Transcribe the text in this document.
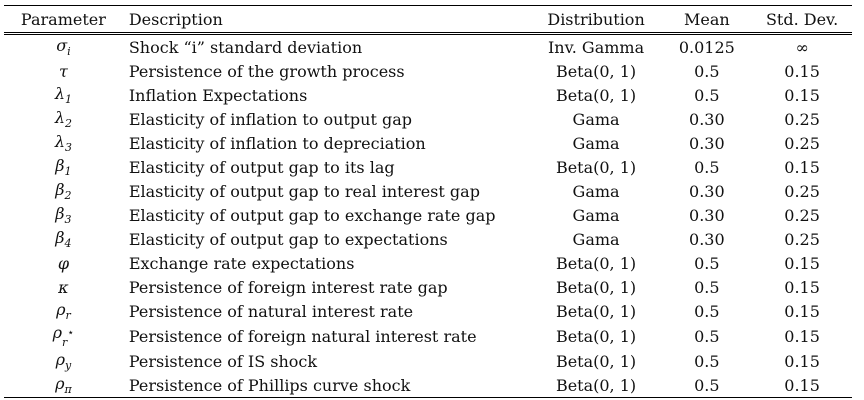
Parameter	Description	Distribution	Mean	Std. Dev.
$\sigma_i$	Shock “i” standard deviation	Inv. Gamma	0.0125	∞
τ	Persistence of the growth process	Beta(0, 1)	0.5	0.15
$\lambda_1$	Inflation Expectations	Beta(0, 1)	0.5	0.15
$\lambda_2$	Elasticity of inflation to output gap	Gama	0.30	0.25
$\lambda_3$	Elasticity of inflation to depreciation	Gama	0.30	0.25
$\beta_1$	Elasticity of output gap to its lag	Beta(0, 1)	0.5	0.15
$\beta_2$	Elasticity of output gap to real interest gap	Gama	0.30	0.25
$\beta_3$	Elasticity of output gap to exchange rate gap	Gama	0.30	0.25
$\beta_4$	Elasticity of output gap to expectations	Gama	0.30	0.25
φ	Exchange rate expectations	Beta(0, 1)	0.5	0.15
κ	Persistence of foreign interest rate gap	Beta(0, 1)	0.5	0.15
$\rho_r$	Persistence of natural interest rate	Beta(0, 1)	0.5	0.15
$\rho_{_r^⋆}$	Persistence of foreign natural interest rate	Beta(0, 1)	0.5	0.15
$\rho_y$	Persistence of IS shock	Beta(0, 1)	0.5	0.15
$\rho_\pi$	Persistence of Phillips curve shock	Beta(0, 1)	0.5	0.15
